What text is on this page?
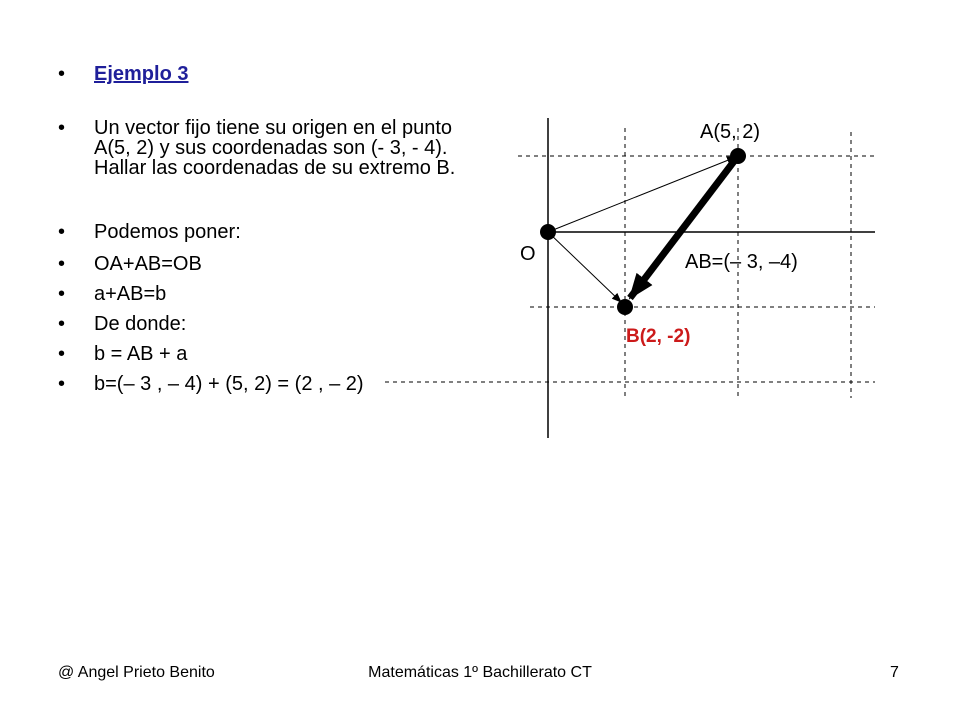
• Ejemplo 3
• Un vector fijo tiene su origen en el punto A(5, 2) y sus coordenadas son (- 3, - 4). Hallar las coordenadas de su extremo B.
• Podemos poner:
• OA+AB=OB
• a+AB=b
• De donde:
• b = AB + a
• b=(– 3 , – 4) + (5, 2) = (2 , – 2)
A(5, 2)
O	AB=(– 3, –4)
B(2, -2)
@ Angel Prieto Benito	Matemáticas 1º Bachillerato CT	7
